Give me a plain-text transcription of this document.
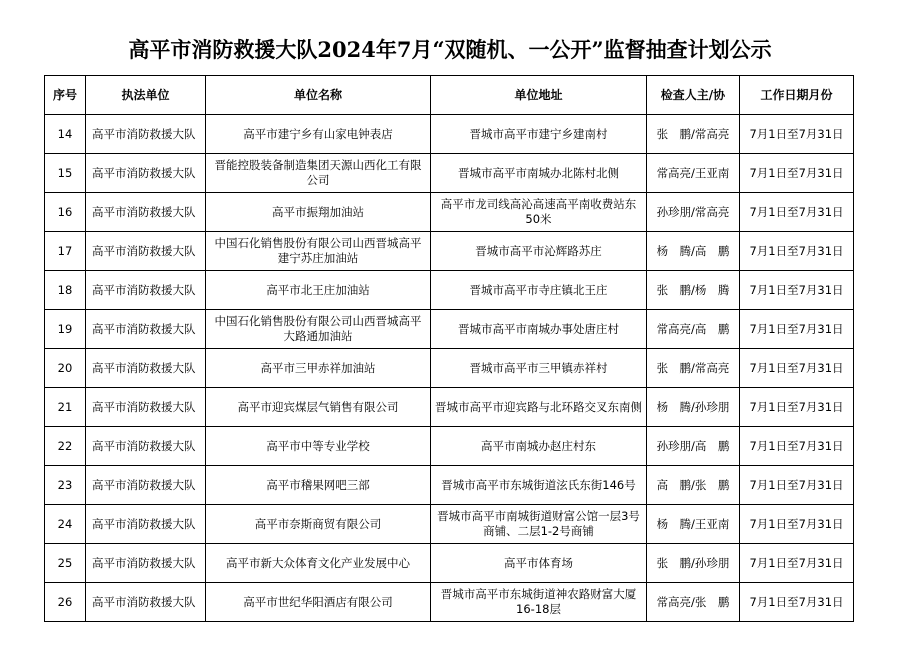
高平市消防救援大队2024年7月“双随机、一公开”监督抽查计划公示
序号	执法单位	单位名称	单位地址	检查人主/协	工作日期月份
14	高平市消防救援大队	高平市建宁乡有山家电钟表店	晋城市高平市建宁乡建南村	张　鹏/常高亮	7月1日至7月31日
15	高平市消防救援大队	晋能控股装备制造集团天源山西化工有限公司	晋城市高平市南城办北陈村北侧	常高亮/王亚南	7月1日至7月31日
16	高平市消防救援大队	高平市振翔加油站	高平市龙司线高沁高速高平南收费站东50米	孙珍朋/常高亮	7月1日至7月31日
17	高平市消防救援大队	中国石化销售股份有限公司山西晋城高平建宁苏庄加油站	晋城市高平市沁辉路苏庄	杨　腾/高　鹏	7月1日至7月31日
18	高平市消防救援大队	高平市北王庄加油站	晋城市高平市寺庄镇北王庄	张　鹏/杨　腾	7月1日至7月31日
19	高平市消防救援大队	中国石化销售股份有限公司山西晋城高平大路通加油站	晋城市高平市南城办事处唐庄村	常高亮/高　鹏	7月1日至7月31日
20	高平市消防救援大队	高平市三甲赤祥加油站	晋城市高平市三甲镇赤祥村	张　鹏/常高亮	7月1日至7月31日
21	高平市消防救援大队	高平市迎宾煤层气销售有限公司	晋城市高平市迎宾路与北环路交叉东南侧	杨　腾/孙珍朋	7月1日至7月31日
22	高平市消防救援大队	高平市中等专业学校	高平市南城办赵庄村东	孙珍朋/高　鹏	7月1日至7月31日
23	高平市消防救援大队	高平市稽果网吧三部	晋城市高平市东城街道泫氏东街146号	高　鹏/张　鹏	7月1日至7月31日
24	高平市消防救援大队	高平市奈斯商贸有限公司	晋城市高平市南城街道财富公馆一层3号商铺、二层1-2号商铺	杨　腾/王亚南	7月1日至7月31日
25	高平市消防救援大队	高平市新大众体育文化产业发展中心	高平市体育场	张　鹏/孙珍朋	7月1日至7月31日
26	高平市消防救援大队	高平市世纪华阳酒店有限公司	晋城市高平市东城街道神农路财富大厦16-18层	常高亮/张　鹏	7月1日至7月31日
